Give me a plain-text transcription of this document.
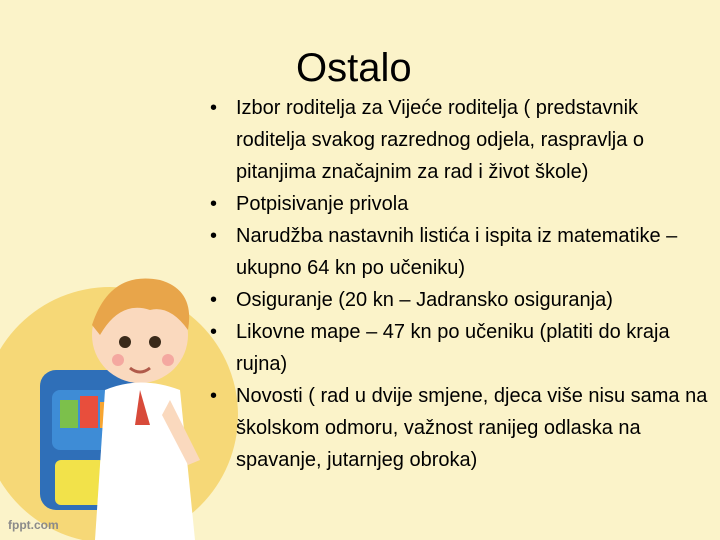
Ostalo
• Izbor roditelja za Vijeće roditelja ( predstavnik roditelja svakog razrednog odjela, raspravlja o pitanjima značajnim za rad i život škole)
• Potpisivanje privola
• Narudžba nastavnih listića i ispita iz matematike – ukupno 64 kn po učeniku)
• Osiguranje (20 kn – Jadransko osiguranja)
• Likovne mape – 47 kn po učeniku (platiti do kraja rujna)
• Novosti ( rad u dvije smjene, djeca više nisu sama na školskom odmoru, važnost ranijeg odlaska na spavanje, jutarnjeg obroka)
fppt.com
